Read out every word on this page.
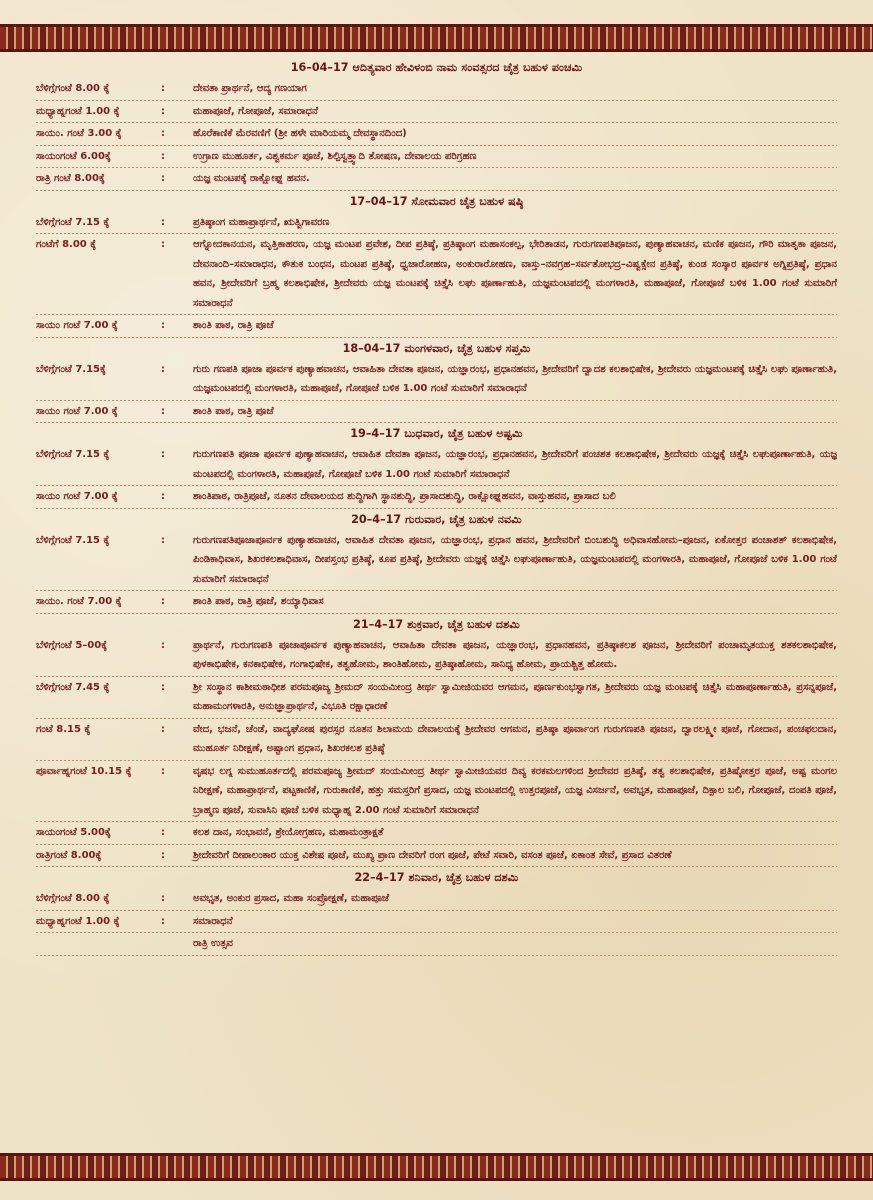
16–04–17 ಆದಿತ್ಯವಾರ ಹೇವಿಳಂಬಿ ನಾಮ ಸಂವತ್ಸರದ ಚೈತ್ರ ಬಹುಳ ಪಂಚಮಿ
ಬೆಳಿಗ್ಗೆಗಂಟೆ 8.00 ಕ್ಕೆ	:	ದೇವತಾ ಪ್ರಾರ್ಥನೆ, ಆದ್ಯ ಗಣಯಾಗ
ಮಧ್ಯಾಹ್ನಗಂಟೆ 1.00 ಕ್ಕೆ	:	ಮಹಾಪೂಜೆ, ಗೋಪೂಜೆ, ಸಮಾರಾಧನೆ
ಸಾಯಂ. ಗಂಟೆ 3.00 ಕ್ಕೆ	:	ಹೊರೆಕಾಣಿಕೆ ಮೆರವಣಿಗೆ (ಶ್ರೀ ಹಳೇ ಮಾರಿಯಮ್ಮ ದೇವಸ್ಥಾನದಿಂದ)
ಸಾಯಂಗಂಟೆ 6.00ಕ್ಕೆ	:	ಉಗ್ರಾಣ ಮುಹೂರ್ತ, ವಿಶ್ವಕರ್ಮ ಪೂಜೆ, ಶಿಲ್ಪಿಸ್ವತ್ತ್ವಾದಿ ತೋಷಣ, ದೇವಾಲಯ ಪರಿಗ್ರಹಣ
ರಾತ್ರಿ ಗಂಟೆ 8.00ಕ್ಕೆ	:	ಯಜ್ಞ ಮಂಟಪಕ್ಕೆ ರಾಕ್ಷೋಘ್ನ ಹವನ.
17–04–17 ಸೋಮವಾರ ಚೈತ್ರ ಬಹುಳ ಷಷ್ಠಿ
ಬೆಳಿಗ್ಗೆಗಂಟೆ 7.15 ಕ್ಕೆ	:	ಪ್ರತಿಷ್ಠಾಂಗ ಮಹಾಪ್ರಾರ್ಥನೆ, ಋತ್ವಿಗಾವರಣ
ಗಂಟೆಗೆ 8.00 ಕ್ಕೆ	:	ಆಗ್ನೋದಕಾನಯನ, ಮೃತ್ತಿಕಾಹರಣ, ಯಜ್ಞ ಮಂಟಪ ಪ್ರವೇಶ, ದೀಪ ಪ್ರತಿಷ್ಠೆ, ಪ್ರತಿಷ್ಠಾಂಗ ಮಹಾಸಂಕಲ್ಪ, ಭೇರಿತಾಡನ, ಗುರುಗಣಪತಿಪೂಜನ, ಪುಣ್ಯಾಹವಾಚನ, ಮಣಿಕ ಪೂಜನ, ಗೌರಿ ಮಾತೃಕಾ ಪೂಜನ, ದೇವನಾಂದಿ–ಸಮಾರಾಧನ, ಕೌತುಕ ಬಂಧನ, ಮಂಟಪ ಪ್ರತಿಷ್ಠೆ, ಧ್ವಜಾರೋಹಣ, ಅಂಕುರಾರೋಹಣ, ವಾಸ್ತು–ನವಗ್ರಹ–ಸರ್ವತೋಭದ್ರ–ವಿಷ್ವಕ್ಸೇನ ಪ್ರತಿಷ್ಠೆ, ಕುಂಡ ಸಂಸ್ಕಾರ ಪೂರ್ವಕ ಅಗ್ನಿಪ್ರತಿಷ್ಠೆ, ಪ್ರಧಾನ ಹವನ, ಶ್ರೀದೇವರಿಗೆ ಬ್ರಹ್ಮ ಕಲಶಾಭಿಷೇಕ, ಶ್ರೀದೇವರು ಯಜ್ಞ ಮಂಟಪಕ್ಕೆ ಚಿತ್ತೈಸಿ ಲಘು ಪೂರ್ಣಾಹುತಿ, ಯಜ್ಞಮಂಟಪದಲ್ಲಿ ಮಂಗಳಾರತಿ, ಮಹಾಪೂಜೆ, ಗೋಪೂಜೆ ಬಳಿಕ 1.00 ಗಂಟೆ ಸುಮಾರಿಗೆ ಸಮಾರಾಧನೆ
ಸಾಯಂ ಗಂಟೆ 7.00 ಕ್ಕೆ	:	ಶಾಂತಿ ಪಾಠ, ರಾತ್ರಿ ಪೂಜೆ
18–04–17 ಮಂಗಳವಾರ, ಚೈತ್ರ ಬಹುಳ ಸಪ್ತಮಿ
ಬೆಳಿಗ್ಗೆಗಂಟೆ 7.15ಕ್ಕೆ	:	ಗುರು ಗಣಪತಿ ಪೂಜಾ ಪೂರ್ವಕ ಪುಣ್ಯಾಹವಾಚನ, ಆವಾಹಿತಾ ದೇವತಾ ಪೂಜನ, ಯಜ್ಞಾರಂಭ, ಪ್ರಧಾನಹವನ, ಶ್ರೀದೇವರಿಗೆ ದ್ವಾದಶ ಕಲಶಾಭಿಷೇಕ, ಶ್ರೀದೇವರು ಯಜ್ಞಮಂಟಪಕ್ಕೆ ಚಿತ್ತೈಸಿ ಲಘು ಪೂರ್ಣಾಹುತಿ, ಯಜ್ಞಮಂಟಪದಲ್ಲಿ ಮಂಗಳಾರತಿ, ಮಹಾಪೂಜೆ, ಗೋಪೂಜೆ ಬಳಿಕ 1.00 ಗಂಟೆ ಸುಮಾರಿಗೆ ಸಮಾರಾಧನೆ
ಸಾಯಂ ಗಂಟೆ 7.00 ಕ್ಕೆ	:	ಶಾಂತಿ ಪಾಠ, ರಾತ್ರಿ ಪೂಜೆ
19–4–17 ಬುಧವಾರ, ಚೈತ್ರ ಬಹುಳ ಅಷ್ಟಮಿ
ಬೆಳಿಗ್ಗೆಗಂಟೆ 7.15 ಕ್ಕೆ	:	ಗುರುಗಣಪತಿ ಪೂಜಾ ಪೂರ್ವಕ ಪುಣ್ಯಾಹವಾಚನ, ಆವಾಹಿತ ದೇವತಾ ಪೂಜನ, ಯಜ್ಞಾರಂಭ, ಪ್ರಧಾನಹವನ, ಶ್ರೀದೇವರಿಗೆ ಪಂಚಶತ ಕಲಶಾಭಿಷೇಕ, ಶ್ರೀದೇವರು ಯಜ್ಞಕ್ಕೆ ಚಿತ್ತೈಸಿ ಲಘುಪೂರ್ಣಾಹುತಿ, ಯಜ್ಞ ಮಂಟಪದಲ್ಲಿ ಮಂಗಳಾರತಿ, ಮಹಾಪೂಜೆ, ಗೋಪೂಜೆ ಬಳಿಕ 1.00 ಗಂಟೆ ಸುಮಾರಿಗೆ ಸಮಾರಾಧನೆ
ಸಾಯಂ ಗಂಟೆ 7.00 ಕ್ಕೆ	:	ಶಾಂತಿಪಾಠ, ರಾತ್ರಿಪೂಜೆ, ನೂತನ ದೇವಾಲಯದ ಶುದ್ಧಿಗಾಗಿ ಸ್ಥಾನಶುದ್ಧಿ, ಪ್ರಾಸಾದಶುದ್ಧಿ, ರಾಕ್ಷೋಘ್ನಹವನ, ವಾಸ್ತುಹವನ, ಪ್ರಾಸಾದ ಬಲಿ
20–4–17 ಗುರುವಾರ, ಚೈತ್ರ ಬಹುಳ ನವಮಿ
ಬೆಳಿಗ್ಗೆಗಂಟೆ 7.15 ಕ್ಕೆ	:	ಗುರುಗಣಪತಿಪೂಜಾಪೂರ್ವಕ ಪುಣ್ಯಾಹವಾಚನ, ಆವಾಹಿತ ದೇವತಾ ಪೂಜನ, ಯಜ್ಞಾರಂಭ, ಪ್ರಧಾನ ಹವನ, ಶ್ರೀದೇವರಿಗೆ ಬಿಂಬಶುದ್ಧಿ ಅಧಿವಾಸಹೋಮ–ಪೂಜನ, ಏಕೋತ್ತರ ಪಂಚಾಶತ್ ಕಲಶಾಭಿಷೇಕ, ಪಿಂಡಿಕಾಧಿವಾಸ, ಶಿಖರಕಲಶಾಧಿವಾಸ, ದೀಪಸ್ತಂಭ ಪ್ರತಿಷ್ಠೆ, ಕೂಪ ಪ್ರತಿಷ್ಠೆ, ಶ್ರೀದೇವರು ಯಜ್ಞಕ್ಕೆ ಚಿತ್ತೈಸಿ ಲಘುಪೂರ್ಣಾಹುತಿ, ಯಜ್ಞಮಂಟಪದಲ್ಲಿ ಮಂಗಳಾರತಿ, ಮಹಾಪೂಜೆ, ಗೋಪೂಜೆ ಬಳಿಕ 1.00 ಗಂಟೆ ಸುಮಾರಿಗೆ ಸಮಾರಾಧನೆ
ಸಾಯಂ. ಗಂಟೆ 7.00 ಕ್ಕೆ	:	ಶಾಂತಿ ಪಾಠ, ರಾತ್ರಿ ಪೂಜೆ, ಶಯ್ಯಾಧಿವಾಸ
21–4–17 ಶುಕ್ರವಾರ, ಚೈತ್ರ ಬಹುಳ ದಶಮಿ
ಬೆಳಿಗ್ಗೆಗಂಟೆ 5–00ಕ್ಕೆ	:	ಪ್ರಾರ್ಥನೆ, ಗುರುಗಣಪತಿ ಪೂಜಾಪೂರ್ವಕ ಪುಣ್ಯಾಹವಾಚನ, ಆವಾಹಿತಾ ದೇವತಾ ಪೂಜನ, ಯಜ್ಞಾರಂಭ, ಪ್ರಧಾನಹವನ, ಪ್ರತಿಷ್ಠಾಕಲಶ ಪೂಜನ, ಶ್ರೀದೇವರಿಗೆ ಪಂಚಾಮೃತಯುಕ್ತ ಶತಕಲಶಾಭಿಷೇಕ, ಪುಳಕಾಭಿಷೇಕ, ಕನಕಾಭಿಷೇಕ, ಗಂಗಾಭಿಷೇಕ, ತತ್ವಹೋಮ, ಶಾಂತಿಹೋಮ, ಪ್ರತಿಷ್ಠಾಹೋಮ, ಸಾನಿಧ್ಯ ಹೋಮ, ಪ್ರಾಯಶ್ಚಿತ್ತ ಹೋಮ.
ಬೆಳಿಗ್ಗೆಗಂಟೆ 7.45 ಕ್ಕೆ	:	ಶ್ರೀ ಸಂಸ್ಥಾನ ಕಾಶೀಮಠಾಧೀಶ ಪರಮಪೂಜ್ಯ ಶ್ರೀಮದ್ ಸಂಯಮೀಂದ್ರ ತೀರ್ಥ ಸ್ವಾಮೀಜಿಯವರ ಆಗಮನ, ಪೂರ್ಣಕುಂಭಸ್ವಾಗತ, ಶ್ರೀದೇವರು ಯಜ್ಞ ಮಂಟಪಕ್ಕೆ ಚಿತ್ತೈಸಿ ಮಹಾಪೂರ್ಣಾಹುತಿ, ಪ್ರಸನ್ನಪೂಜೆ, ಮಹಾಮಂಗಳಾರತಿ, ಅನುಜ್ಞಾಪ್ರಾರ್ಥನೆ, ವಿಭೂತಿ ರಕ್ಷಾಧಾರಣೆ
ಗಂಟೆ 8.15 ಕ್ಕೆ	:	ವೇದ, ಭಜನೆ, ಚೆಂಡೆ, ವಾದ್ಯಘೋಷ ಪುರಸ್ಸರ ನೂತನ ಶಿಲಾಮಯ ದೇವಾಲಯಕ್ಕೆ ಶ್ರೀದೇವರ ಆಗಮನ, ಪ್ರತಿಷ್ಠಾ ಪೂರ್ವಾಂಗ ಗುರುಗಣಪತಿ ಪೂಜನ, ದ್ವಾರಲಕ್ಷ್ಮೀ ಪೂಜೆ, ಗೋದಾನ, ಪಂಚಫಲದಾನ, ಮುಹೂರ್ತ ನಿರೀಕ್ಷಣೆ, ಅಷ್ಟಾಂಗ ಪ್ರಧಾನ, ಶಿಖರಕಲಶ ಪ್ರತಿಷ್ಠೆ
ಪೂರ್ವಾಹ್ನಗಂಟೆ 10.15 ಕ್ಕೆ	:	ವೃಷಭ ಲಗ್ನ ಸುಮುಹೂರ್ತದಲ್ಲಿ ಪರಮಪೂಜ್ಯ ಶ್ರೀಮದ್ ಸಂಯಮೀಂದ್ರ ತೀರ್ಥ ಸ್ವಾಮೀಜಿಯವರ ದಿವ್ಯ ಕರಕಮಲಗಳಿಂದ ಶ್ರೀದೇವರ ಪ್ರತಿಷ್ಠೆ, ತತ್ವ ಕಲಶಾಭಿಷೇಕ, ಪ್ರತಿಷ್ಠೋತ್ತರ ಪೂಜೆ, ಅಷ್ಟ ಮಂಗಲ ನಿರೀಕ್ಷಣೆ, ಮಹಾಪ್ರಾರ್ಥನೆ, ಪಟ್ಟಕಾಣಿಕೆ, ಗುರುಕಾಣಿಕೆ, ಹತ್ತು ಸಮಸ್ತರಿಗೆ ಪ್ರಸಾದ, ಯಜ್ಞ ಮಂಟಪದಲ್ಲಿ ಉತ್ತರಪೂಜೆ, ಯಜ್ಞ ವಿಸರ್ಜನೆ, ಅವಭೃತ, ಮಹಾಪೂಜೆ, ದಿಕ್ಪಾಲ ಬಲಿ, ಗೋಪೂಜೆ, ದಂಪತಿ ಪೂಜೆ, ಬ್ರಾಹ್ಮಣ ಪೂಜೆ, ಸುವಾಸಿನಿ ಪೂಜೆ ಬಳಿಕ ಮಧ್ಯಾಹ್ನ 2.00 ಗಂಟೆ ಸುಮಾರಿಗೆ ಸಮಾರಾಧನೆ
ಸಾಯಂಗಂಟೆ 5.00ಕ್ಕೆ	:	ಕಲಶ ದಾನ, ಸಂಭಾವನೆ, ಶ್ರೇಯೋಗ್ರಹಣ, ಮಹಾಮಂತ್ರಾಕ್ಷತೆ
ರಾತ್ರಿಗಂಟೆ 8.00ಕ್ಕೆ	:	ಶ್ರೀದೇವರಿಗೆ ದೀಪಾಲಂಕಾರ ಯುಕ್ತ ವಿಶೇಷ ಪೂಜೆ, ಮುಖ್ಯ ಪ್ರಾಣ ದೇವರಿಗೆ ರಂಗ ಪೂಜೆ, ಪೇಟೆ ಸವಾರಿ, ವಸಂತ ಪೂಜೆ, ಏಕಾಂತ ಸೇವೆ, ಪ್ರಸಾದ ವಿತರಣೆ
22–4–17 ಶನಿವಾರ, ಚೈತ್ರ ಬಹುಳ ದಶಮಿ
ಬೆಳಿಗ್ಗೆಗಂಟೆ 8.00 ಕ್ಕೆ	:	ಅವಭೃತ, ಅಂಕುರ ಪ್ರಸಾದ, ಮಹಾ ಸಂಪ್ರೋಕ್ಷಣೆ, ಮಹಾಪೂಜೆ
ಮಧ್ಯಾಹ್ನಗಂಟೆ 1.00 ಕ್ಕೆ	:	ಸಮಾರಾಧನೆ
ರಾತ್ರಿ ಉತ್ಸವ
